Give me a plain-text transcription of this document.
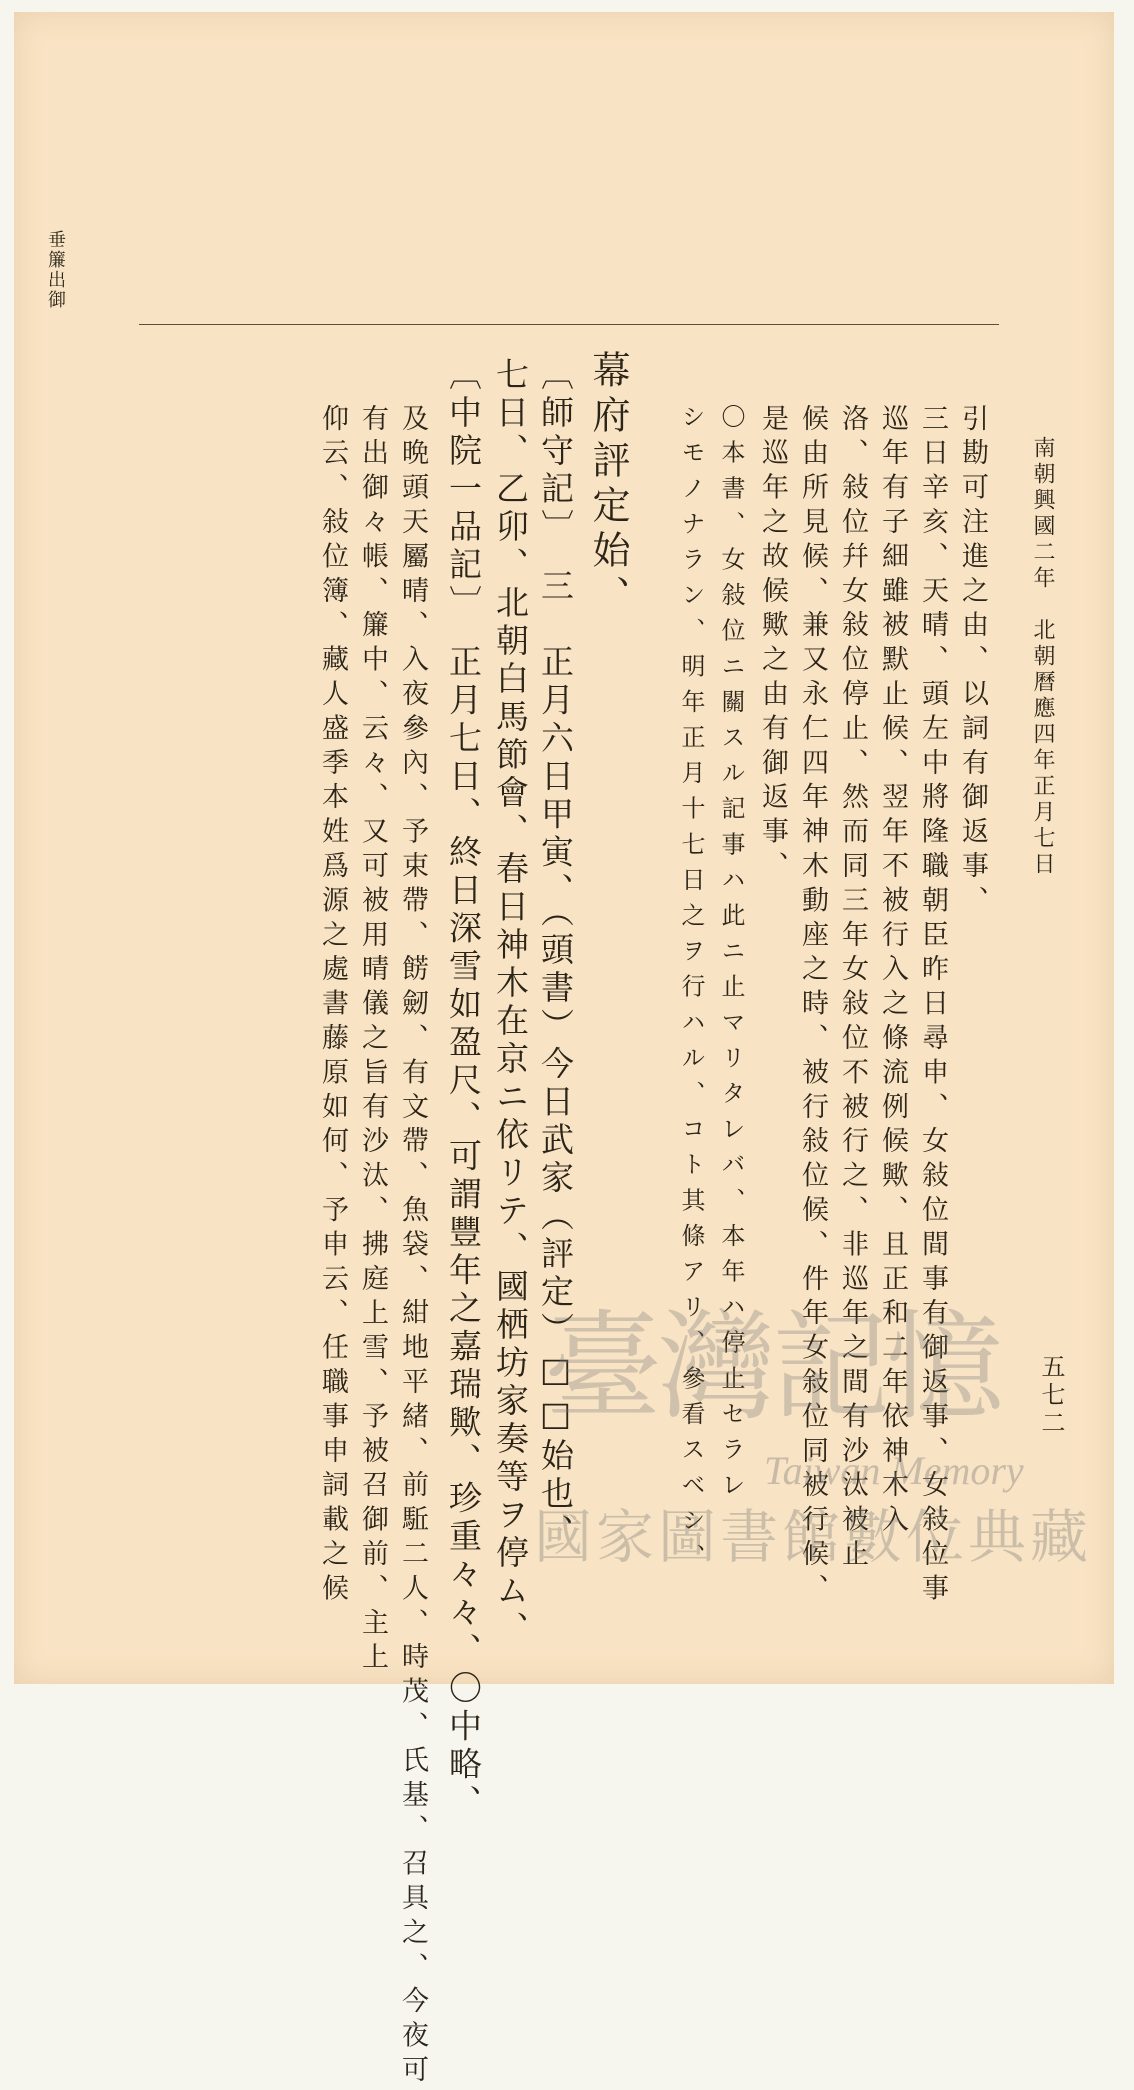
南朝興國二年　北朝曆應四年正月七日
五七二
垂簾出御
引勘可注進之由、以詞有御返事、
三日辛亥、天晴、頭左中將隆職朝臣昨日尋申、女敍位間事有御返事、女敍位事
巡年有子細雖被默止候、翌年不被行入之條流例候歟、且正和二年依神木入
洛、敍位幷女敍位停止、然而同三年女敍位不被行之、非巡年之間有沙汰被止
候由所見候、兼又永仁四年神木動座之時、被行敍位候、件年女敍位同被行候、
是巡年之故候歟之由有御返事、
〇本書、女敍位ニ關スル記事ハ此ニ止マリタレバ、本年ハ停止セラレ
シモノナラン、明年正月十七日之ヲ行ハル、コト其條アリ、參看スベシ、
幕府評定始、
〔師守記〕　三　正月六日甲寅、（頭書）今日武家（評定）□□始也、
七日、乙卯、北朝白馬節會、春日神木在京ニ依リテ、國栖坊家奏等ヲ停ム、
〔中院一品記〕　正月七日、終日深雪如盈尺、可謂豐年之嘉瑞歟、珍重々々、〇中略、
及晩頭天屬晴、入夜參內、予束帶、餝劒、有文帶、魚袋、紺地平緒、前駈二人、時茂、氏基、召具之、今夜可
有出御々帳、簾中、云々、又可被用晴儀之旨有沙汰、拂庭上雪、予被召御前、主上
仰云、敍位簿、藏人盛季本姓爲源之處書藤原如何、予申云、任職事申詞載之候 臺灣記憶
Taiwan Memory
國家圖書館數位典藏
